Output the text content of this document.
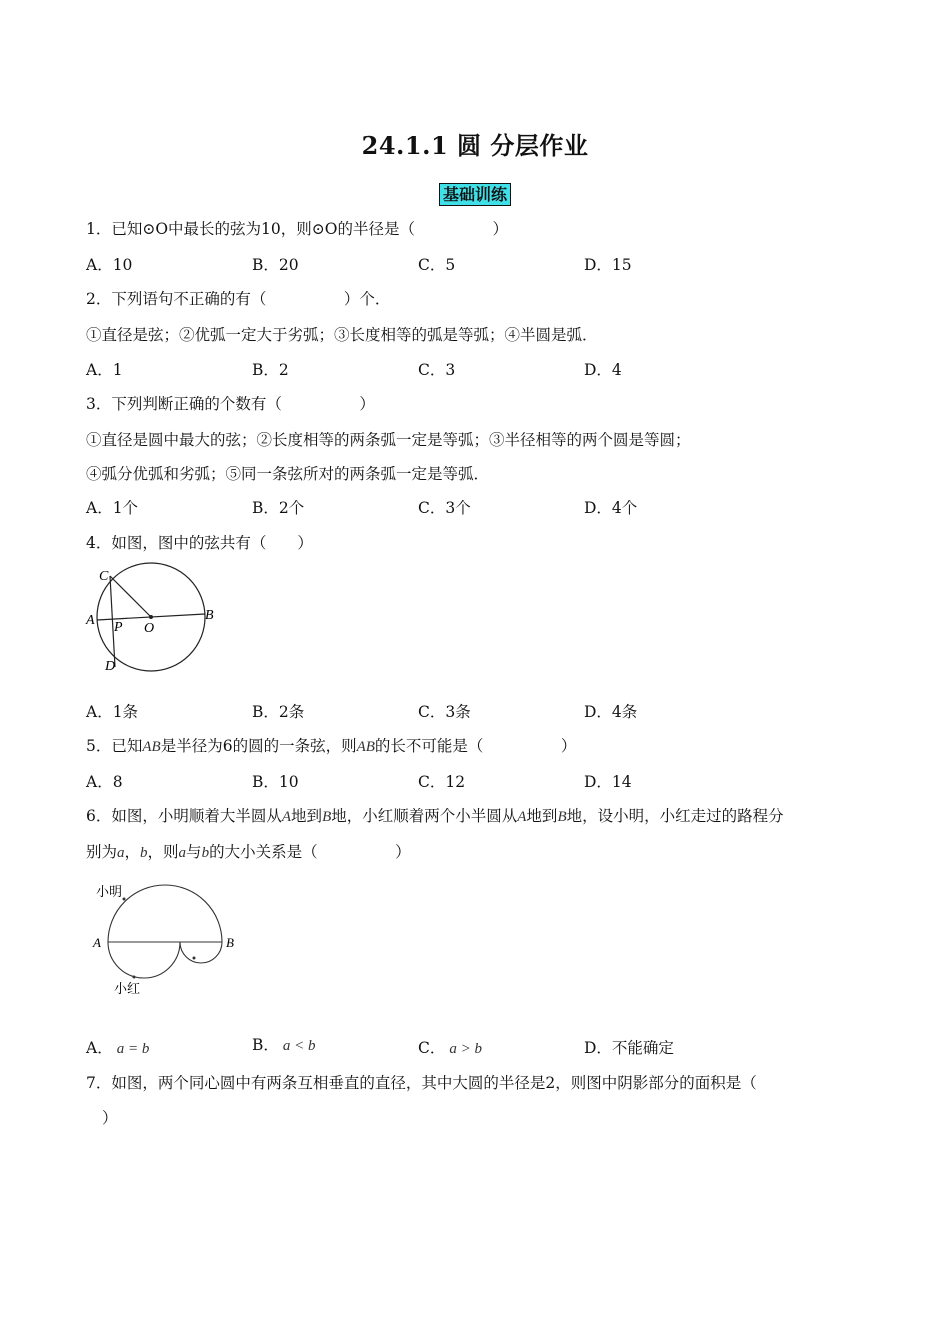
24.1.1 圆 分层作业
基础训练
1．已知⊙O中最长的弦为10，则⊙O的半径是（　　　　　）
A．10	B．20	C．5	D．15
2．下列语句不正确的有（　　　　　）个．
①直径是弦；②优弧一定大于劣弧；③长度相等的弧是等弧；④半圆是弧．
A．1	B．2	C．3	D．4
3．下列判断正确的个数有（　　　　　）
①直径是圆中最大的弦；②长度相等的两条弧一定是等弧；③半径相等的两个圆是等圆；
④弧分优弧和劣弧；⑤同一条弦所对的两条弧一定是等弧．
A．1个	B．2个	C．3个	D．4个
4．如图，图中的弦共有（　　）
C
A P O
B
D
A．1条	B．2条	C．3条	D．4条
5．已知AB是半径为6的圆的一条弦，则AB的长不可能是（　　　　　）
A．8	B．10	C．12	D．14
6．如图，小明顺着大半圆从A地到B地，小红顺着两个小半圆从A地到B地，设小明，小红走过的路程分
别为a，b，则a与b的大小关系是（　　　　　）
小明
A	B
小红
A． a = b	B． a < b	C． a > b	D．不能确定
7．如图，两个同心圆中有两条互相垂直的直径，其中大圆的半径是2，则图中阴影部分的面积是（
）
